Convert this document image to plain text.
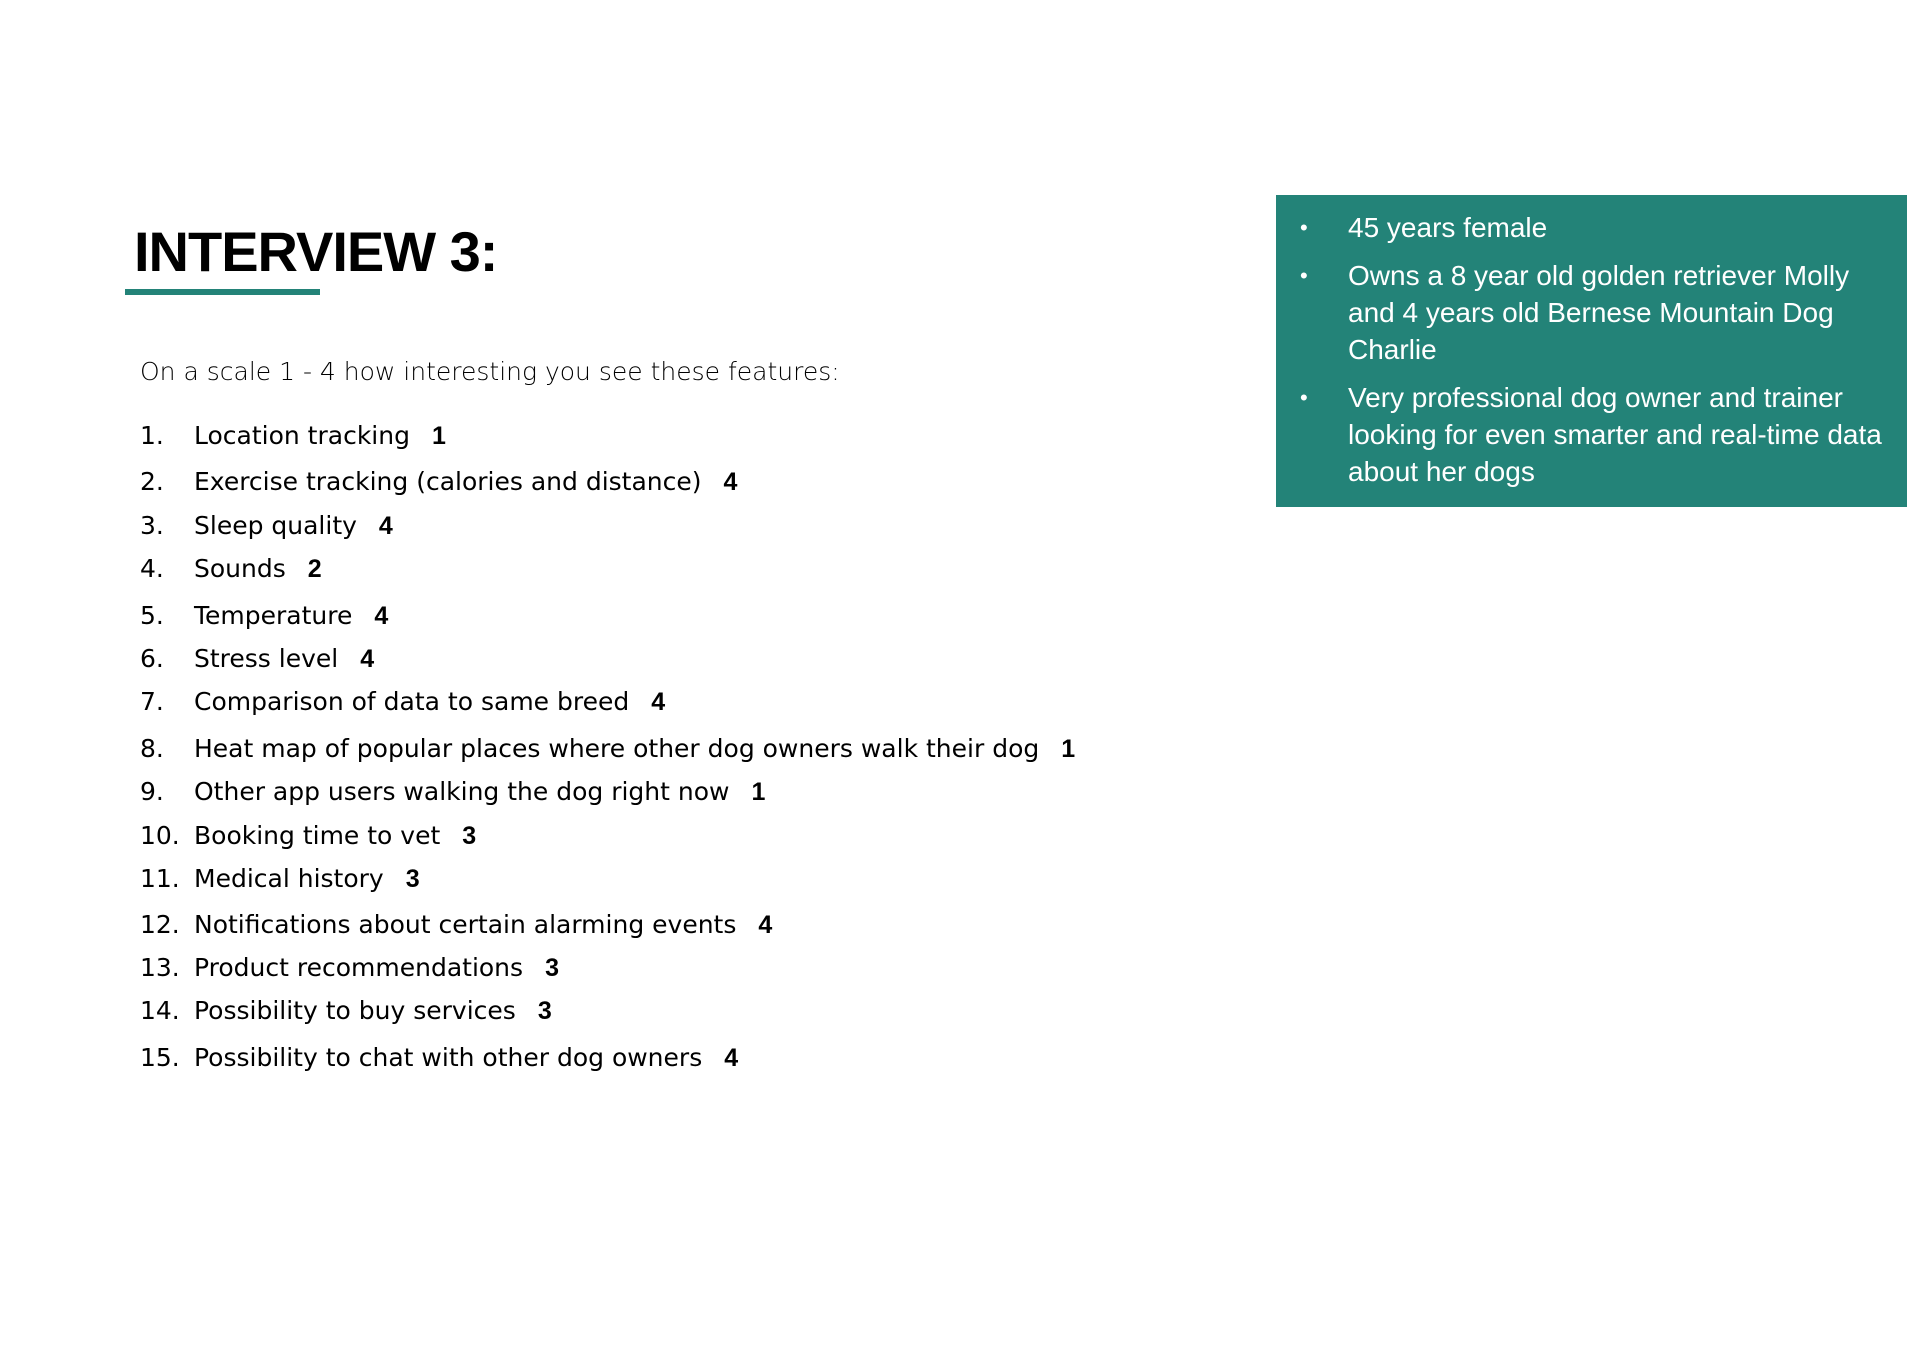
INTERVIEW 3:
On a scale 1 - 4 how interesting you see these features:
1. Location tracking 1
2. Exercise tracking (calories and distance) 4
3. Sleep quality 4
4. Sounds 2
5. Temperature 4
6. Stress level 4
7. Comparison of data to same breed 4
8. Heat map of popular places where other dog owners walk their dog 1
9. Other app users walking the dog right now 1
10. Booking time to vet 3
11. Medical history 3
12. Notifications about certain alarming events 4
13. Product recommendations 3
14. Possibility to buy services 3
15. Possibility to chat with other dog owners 4
• 45 years female
• Owns a 8 year old golden retriever Molly and 4 years old Bernese Mountain Dog Charlie
• Very professional dog owner and trainer looking for even smarter and real-time data about her dogs
